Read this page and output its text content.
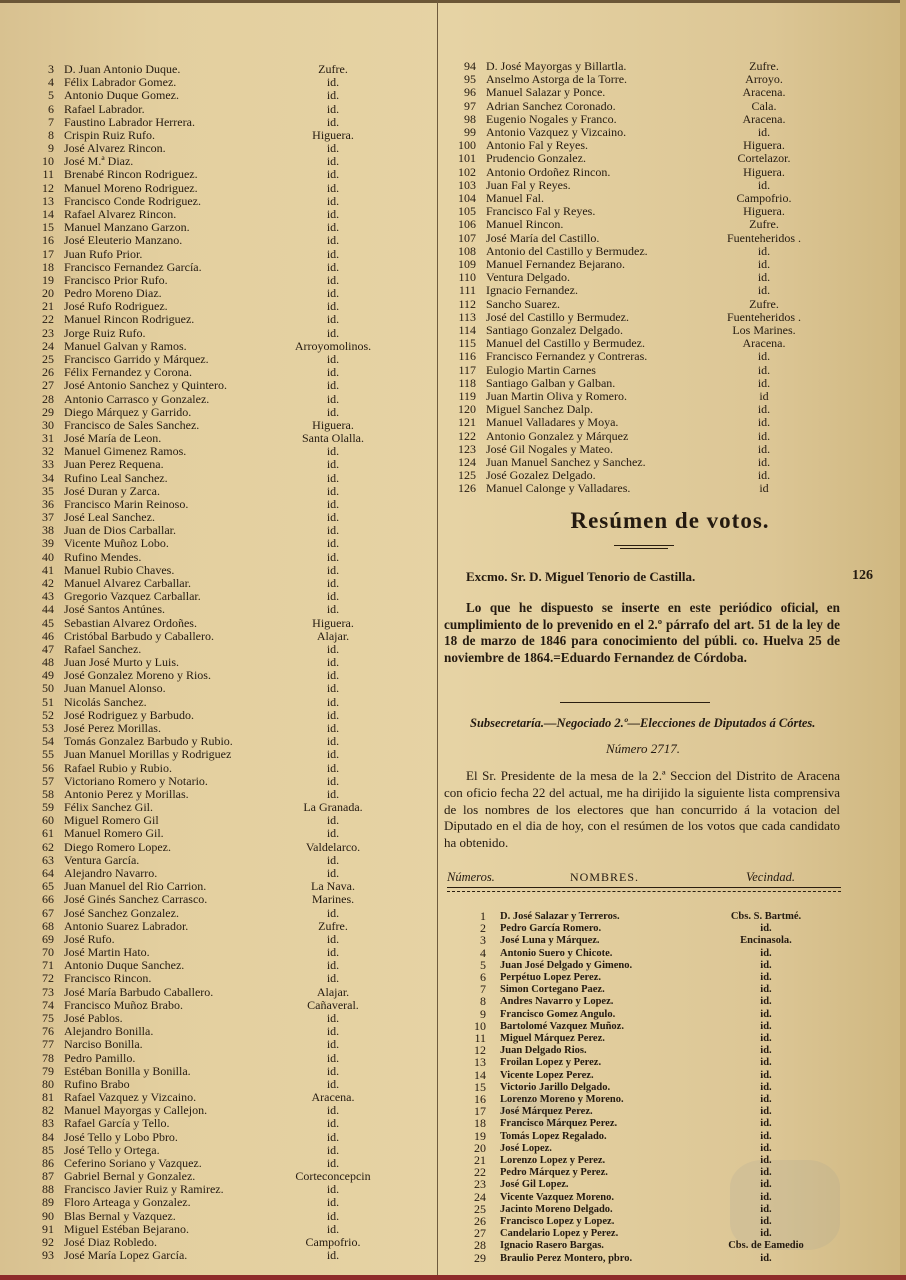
3 D. Juan Antonio Duque.	Zufre.
4 Félix Labrador Gomez.	id.
5 Antonio Duque Gomez.	id.
6 Rafael Labrador.	id.
7 Faustino Labrador Herrera.	id.
8 Crispin Ruiz Rufo.	Higuera.
9 José Alvarez Rincon.	id.
10 José M.ª Diaz.	id.
11 Brenabé Rincon Rodriguez.	id.
12 Manuel Moreno Rodriguez.	id.
13 Francisco Conde Rodriguez.	id.
14 Rafael Alvarez Rincon.	id.
15 Manuel Manzano Garzon.	id.
16 José Eleuterio Manzano.	id.
17 Juan Rufo Prior.	id.
18 Francisco Fernandez García.	id.
19 Francisco Prior Rufo.	id.
20 Pedro Moreno Diaz.	id.
21 José Rufo Rodriguez.	id.
22 Manuel Rincon Rodriguez.	id.
23 Jorge Ruiz Rufo.	id.
24 Manuel Galvan y Ramos.	Arroyomolinos.
25 Francisco Garrido y Márquez.	id.
26 Félix Fernandez y Corona.	id.
27 José Antonio Sanchez y Quintero.	id.
28 Antonio Carrasco y Gonzalez.	id.
29 Diego Márquez y Garrido.	id.
30 Francisco de Sales Sanchez.	Higuera.
31 José María de Leon.	Santa Olalla.
32 Manuel Gimenez Ramos.	id.
33 Juan Perez Requena.	id.
34 Rufino Leal Sanchez.	id.
35 José Duran y Zarca.	id.
36 Francisco Marin Reinoso.	id.
37 José Leal Sanchez.	id.
38 Juan de Dios Carballar.	id.
39 Vicente Muñoz Lobo.	id.
40 Rufino Mendes.	id.
41 Manuel Rubio Chaves.	id.
42 Manuel Alvarez Carballar.	id.
43 Gregorio Vazquez Carballar.	id.
44 José Santos Antúnes.	id.
45 Sebastian Alvarez Ordoñes.	Higuera.
46 Cristóbal Barbudo y Caballero.	Alajar.
47 Rafael Sanchez.	id.
48 Juan José Murto y Luis.	id.
49 José Gonzalez Moreno y Rios.	id.
50 Juan Manuel Alonso.	id.
51 Nicolás Sanchez.	id.
52 José Rodriguez y Barbudo.	id.
53 José Perez Morillas.	id.
54 Tomás Gonzalez Barbudo y Rubio.	id.
55 Juan Manuel Morillas y Rodriguez	id.
56 Rafael Rubio y Rubio.	id.
57 Victoriano Romero y Notario.	id.
58 Antonio Perez y Morillas.	id.
59 Félix Sanchez Gil.	La Granada.
60 Miguel Romero Gil	id.
61 Manuel Romero Gil.	id.
62 Diego Romero Lopez.	Valdelarco.
63 Ventura García.	id.
64 Alejandro Navarro.	id.
65 Juan Manuel del Rio Carrion.	La Nava.
66 José Ginés Sanchez Carrasco.	Marines.
67 José Sanchez Gonzalez.	id.
68 Antonio Suarez Labrador.	Zufre.
69 José Rufo.	id.
70 José Martin Hato.	id.
71 Antonio Duque Sanchez.	id.
72 Francisco Rincon.	id.
73 José María Barbudo Caballero.	Alajar.
74 Francisco Muñoz Brabo.	Cañaveral.
75 José Pablos.	id.
76 Alejandro Bonilla.	id.
77 Narciso Bonilla.	id.
78 Pedro Pamillo.	id.
79 Estéban Bonilla y Bonilla.	id.
80 Rufino Brabo	id.
81 Rafael Vazquez y Vizcaino.	Aracena.
82 Manuel Mayorgas y Callejon.	id.
83 Rafael García y Tello.	id.
84 José Tello y Lobo Pbro.	id.
85 José Tello y Ortega.	id.
86 Ceferino Soriano y Vazquez.	id.
87 Gabriel Bernal y Gonzalez.	Corteconcepcin
88 Francisco Javier Ruiz y Ramirez.	id.
89 Floro Arteaga y Gonzalez.	id.
90 Blas Bernal y Vazquez.	id.
91 Miguel Estéban Bejarano.	id.
92 José Diaz Robledo.	Campofrio.
93 José María Lopez García.	id.
94 D. José Mayorgas y Billartla.	Zufre.
95 Anselmo Astorga de la Torre.	Arroyo.
96 Manuel Salazar y Ponce.	Aracena.
97 Adrian Sanchez Coronado.	Cala.
98 Eugenio Nogales y Franco.	Aracena.
99 Antonio Vazquez y Vizcaino.	id.
100 Antonio Fal y Reyes.	Higuera.
101 Prudencio Gonzalez.	Cortelazor.
102 Antonio Ordoñez Rincon.	Higuera.
103 Juan Fal y Reyes.	id.
104 Manuel Fal.	Campofrio.
105 Francisco Fal y Reyes.	Higuera.
106 Manuel Rincon.	Zufre.
107 José María del Castillo.	Fuenteheridos .
108 Antonio del Castillo y Bermudez.	id.
109 Manuel Fernandez Bejarano.	id.
110 Ventura Delgado.	id.
111 Ignacio Fernandez.	id.
112 Sancho Suarez.	Zufre.
113 José del Castillo y Bermudez.	Fuenteheridos .
114 Santiago Gonzalez Delgado.	Los Marines.
115 Manuel del Castillo y Bermudez.	Aracena.
116 Francisco Fernandez y Contreras.	id.
117 Eulogio Martin Carnes	id.
118 Santiago Galban y Galban.	id.
119 Juan Martin Oliva y Romero.	id
120 Miguel Sanchez Dalp.	id.
121 Manuel Valladares y Moya.	id.
122 Antonio Gonzalez y Márquez	id.
123 José Gil Nogales y Mateo.	id.
124 Juan Manuel Sanchez y Sanchez.	id.
125 José Gozalez Delgado.	id.
126 Manuel Calonge y Valladares.	id
Resúmen de votos.
Excmo. Sr. D. Miguel Tenorio de Castilla.	126
Lo que he dispuesto se inserte en este periódico oficial, en cumplimiento de lo prevenido en el 2.º párrafo del art. 51 de la ley de 18 de marzo de 1846 para conocimiento del públi. co. Huelva 25 de noviembre de 1864.=Eduardo Fernandez de Córdoba.
Subsecretaría.—Negociado 2.º—Elecciones de Diputados á Córtes.
Número 2717.
El Sr. Presidente de la mesa de la 2.ª Seccion del Distrito de Aracena con oficio fecha 22 del actual, me ha dirijido la siguiente lista comprensiva de los nombres de los electores que han concurrido á la votacion del Diputado en el dia de hoy, con el resúmen de los votos que cada candidato ha obtenido.
Números.	NOMBRES.	Vecindad.
1 D. José Salazar y Terreros.	Cbs. S. Bartmé.
2 Pedro García Romero.	id.
3 José Luna y Márquez.	Encinasola.
4 Antonio Suero y Chicote.	id.
5 Juan José Delgado y Gimeno.	id.
6 Perpétuo Lopez Perez.	id.
7 Simon Cortegano Paez.	id.
8 Andres Navarro y Lopez.	id.
9 Francisco Gomez Angulo.	id.
10 Bartolomé Vazquez Muñoz.	id.
11 Miguel Márquez Perez.	id.
12 Juan Delgado Rios.	id.
13 Froilan Lopez y Perez.	id.
14 Vicente Lopez Perez.	id.
15 Victorio Jarillo Delgado.	id.
16 Lorenzo Moreno y Moreno.	id.
17 José Márquez Perez.	id.
18 Francisco Márquez Perez.	id.
19 Tomás Lopez Regalado.	id.
20 José Lopez.	id.
21 Lorenzo Lopez y Perez.	id.
22 Pedro Márquez y Perez.	id.
23 José Gil Lopez.	id.
24 Vicente Vazquez Moreno.	id.
25 Jacinto Moreno Delgado.	id.
26 Francisco Lopez y Lopez.	id.
27 Candelario Lopez y Perez.	id.
28 Ignacio Rasero Bargas.	Cbs. de Eamedio
29 Braulio Perez Montero, pbro.	id.
